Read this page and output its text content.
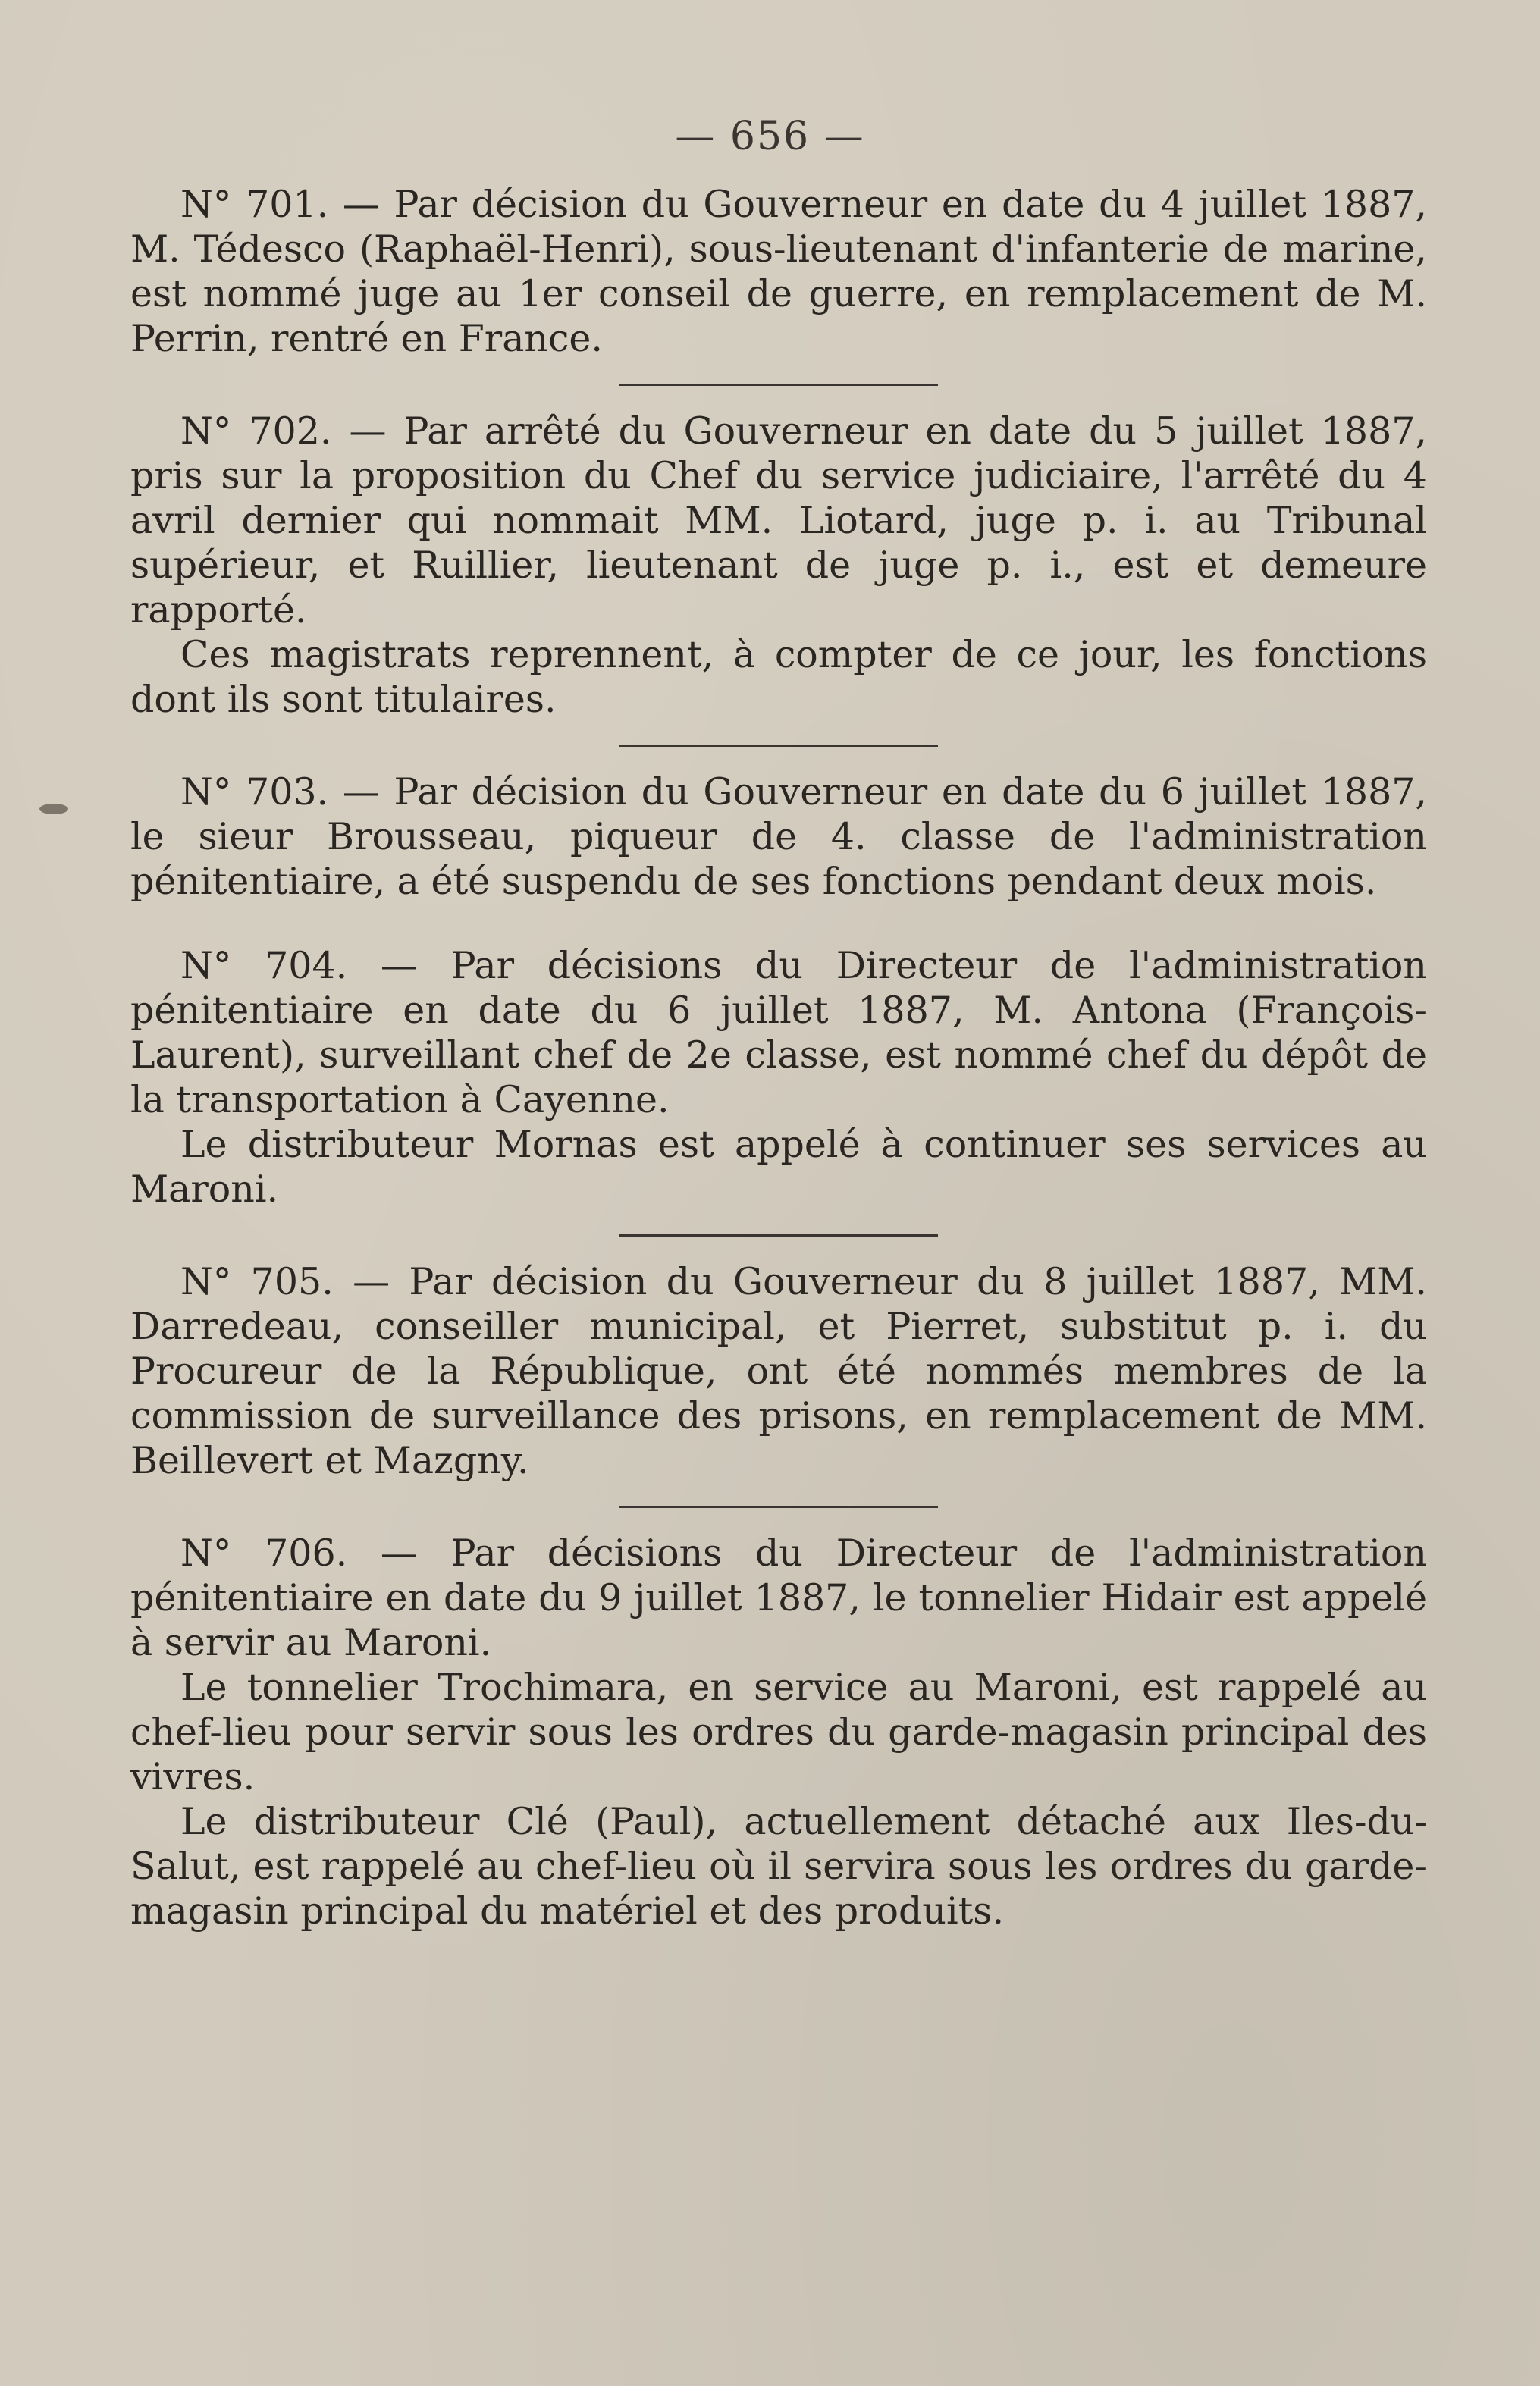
— 656 —

N° 701. — Par décision du Gouverneur en date du 4 juillet 1887, M. Tédesco (Raphaël-Henri), sous-lieutenant d'infanterie de marine, est nommé juge au 1er conseil de guerre, en remplacement de M. Perrin, rentré en France.

N° 702. — Par arrêté du Gouverneur en date du 5 juillet 1887, pris sur la proposition du Chef du service judiciaire, l'arrêté du 4 avril dernier qui nommait MM. Liotard, juge p. i. au Tribunal supérieur, et Ruillier, lieutenant de juge p. i., est et demeure rapporté.

Ces magistrats reprennent, à compter de ce jour, les fonctions dont ils sont titulaires.

N° 703. — Par décision du Gouverneur en date du 6 juillet 1887, le sieur Brousseau, piqueur de 4. classe de l'administration pénitentiaire, a été suspendu de ses fonctions pendant deux mois.

N° 704. — Par décisions du Directeur de l'administration pénitentiaire en date du 6 juillet 1887, M. Antona (François-Laurent), surveillant chef de 2e classe, est nommé chef du dépôt de la transportation à Cayenne.

Le distributeur Mornas est appelé à continuer ses services au Maroni.

N° 705. — Par décision du Gouverneur du 8 juillet 1887, MM. Darredeau, conseiller municipal, et Pierret, substitut p. i. du Procureur de la République, ont été nommés membres de la commission de surveillance des prisons, en remplacement de MM. Beillevert et Mazgny.

N° 706. — Par décisions du Directeur de l'administration pénitentiaire en date du 9 juillet 1887, le tonnelier Hidair est appelé à servir au Maroni.

Le tonnelier Trochimara, en service au Maroni, est rappelé au chef-lieu pour servir sous les ordres du garde-magasin principal des vivres.

Le distributeur Clé (Paul), actuellement détaché aux Iles-du-Salut, est rappelé au chef-lieu où il servira sous les ordres du garde-magasin principal du matériel et des produits.
